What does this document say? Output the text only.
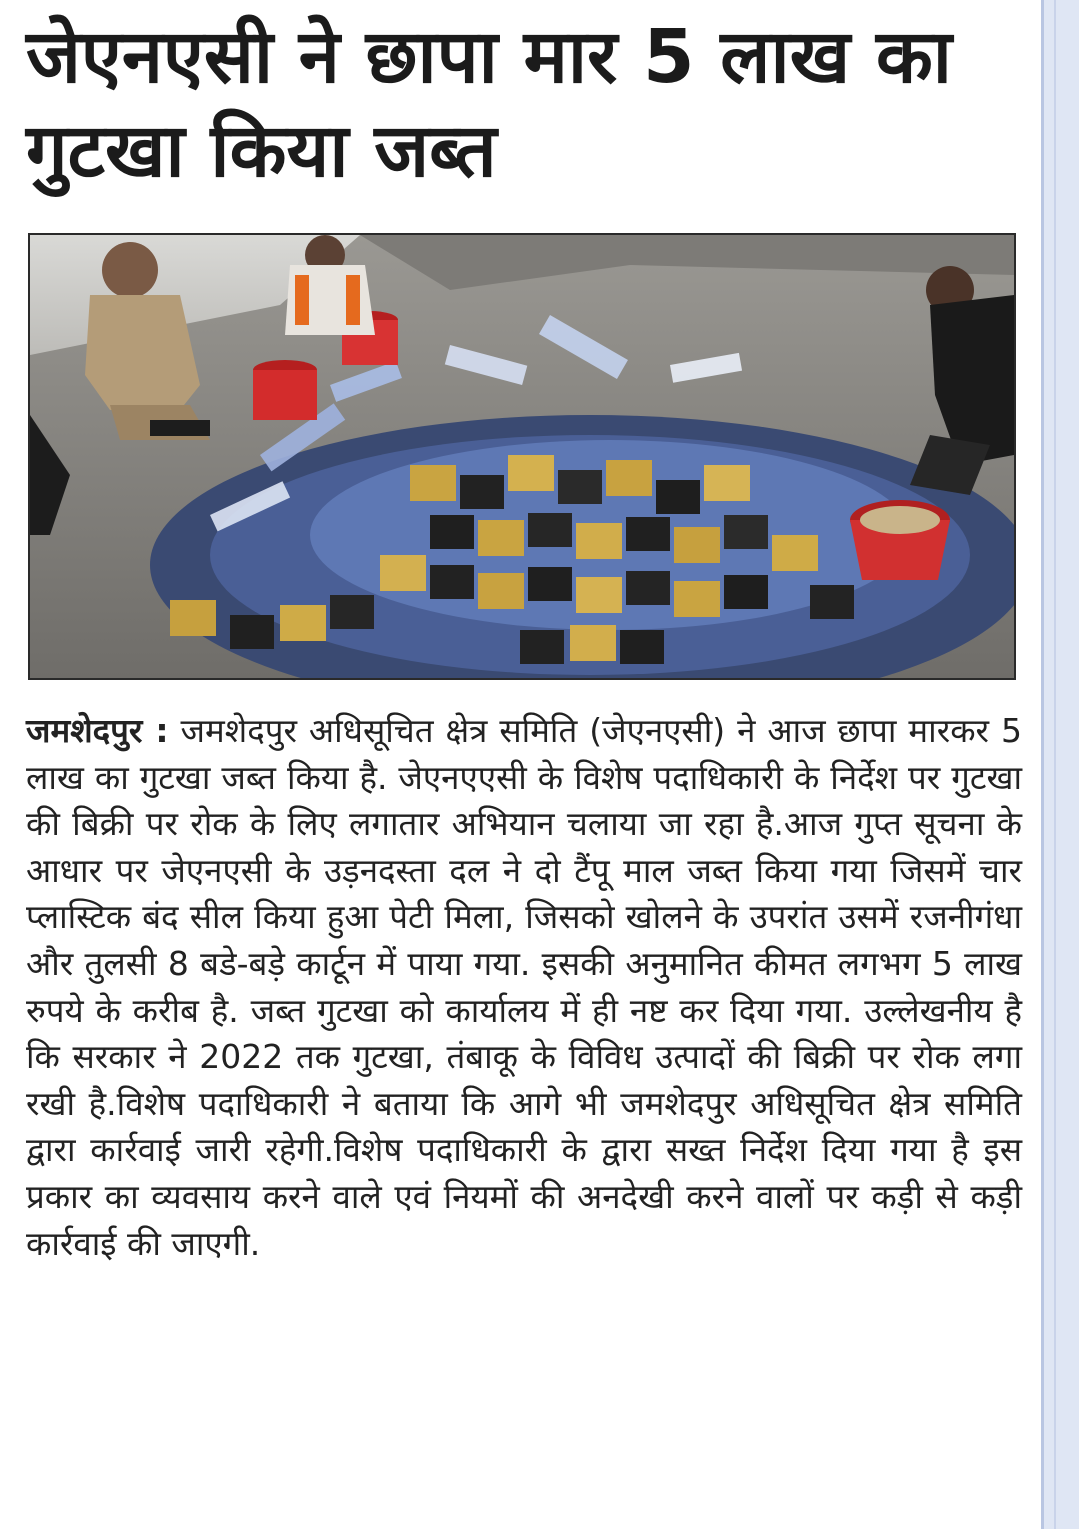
जेएनएसी ने छापा मार 5 लाख का गुटखा किया जब्त

जमशेदपुर : जमशेदपुर अधिसूचित क्षेत्र समिति (जेएनएसी) ने आज छापा मारकर 5 लाख का गुटखा जब्त किया है. जेएनएएसी के विशेष पदाधिकारी के निर्देश पर गुटखा की बिक्री पर रोक के लिए लगातार अभियान चलाया जा रहा है.आज गुप्त सूचना के आधार पर जेएनएसी के उड़नदस्ता दल ने दो टैंपू माल जब्त किया गया जिसमें चार प्लास्टिक बंद सील किया हुआ पेटी मिला, जिसको खोलने के उपरांत उसमें रजनीगंधा और तुलसी 8 बडे-बड़े कार्टून में पाया गया. इसकी अनुमानित कीमत लगभग 5 लाख रुपये के करीब है. जब्त गुटखा को कार्यालय में ही नष्ट कर दिया गया. उल्लेखनीय है कि सरकार ने 2022 तक गुटखा, तंबाकू के विविध उत्पादों की बिक्री पर रोक लगा रखी है.विशेष पदाधिकारी ने बताया कि आगे भी जमशेदपुर अधिसूचित क्षेत्र समिति द्वारा कार्रवाई जारी रहेगी.विशेष पदाधिकारी के द्वारा सख्त निर्देश दिया गया है इस प्रकार का व्यवसाय करने वाले एवं नियमों की अनदेखी करने वालों पर कड़ी से कड़ी कार्रवाई की जाएगी.
